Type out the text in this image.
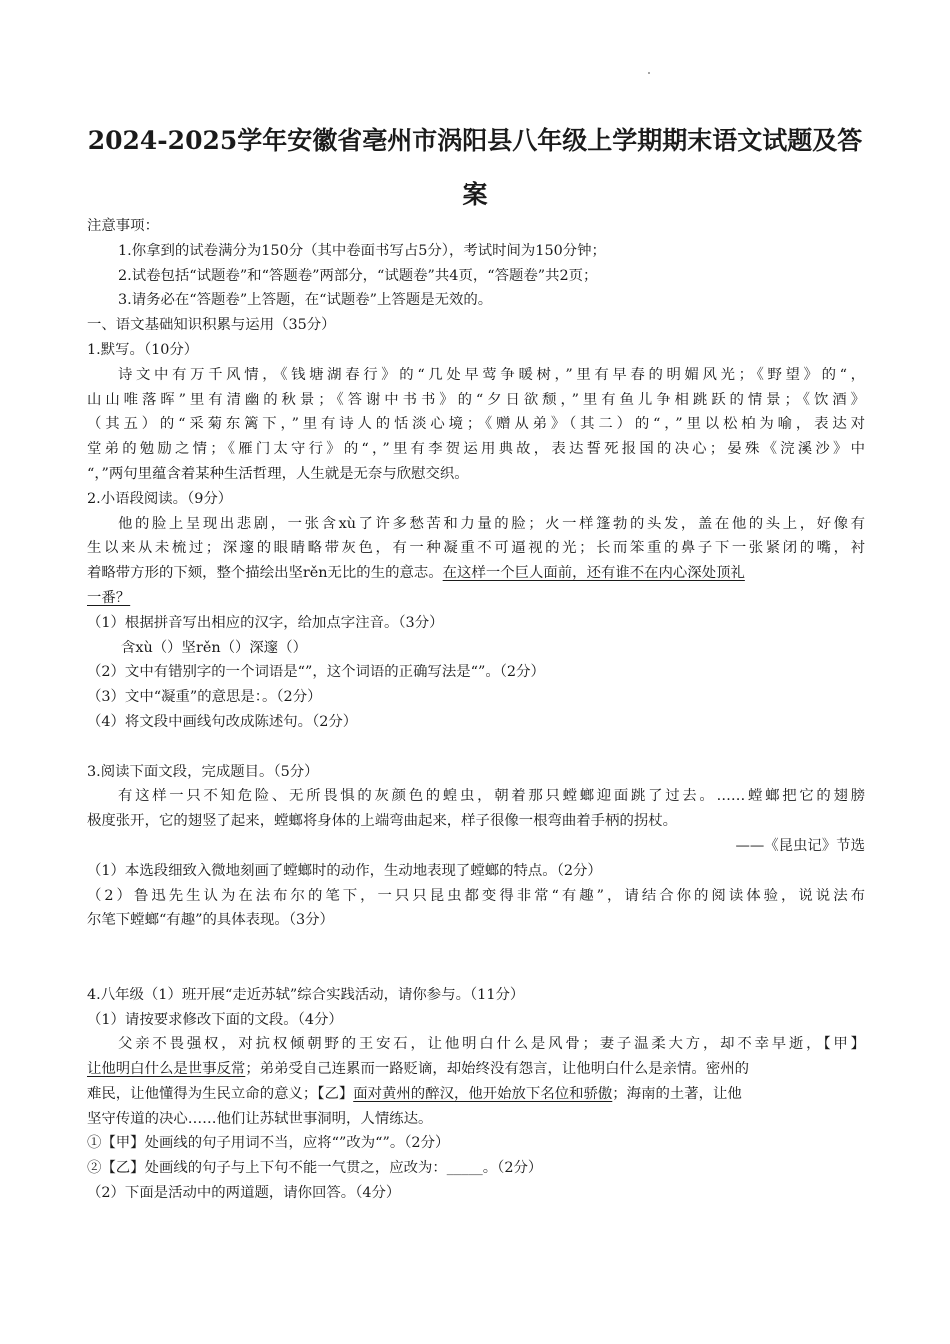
2024-2025学年安徽省亳州市涡阳县八年级上学期期末语文试题及答
案
注意事项：
1.你拿到的试卷满分为150分（其中卷面书写占5分），考试时间为150分钟；
2.试卷包括“试题卷”和“答题卷”两部分，“试题卷”共4页，“答题卷”共2页；
3.请务必在“答题卷”上答题，在“试题卷”上答题是无效的。
一、语文基础知识积累与运用（35分）
1.默写。（10分）
诗文中有万千风情，《钱塘湖春行》的“几处早莺争暖树，”里有早春的明媚风光；《野望》的“，
山山唯落晖”里有清幽的秋景；《答谢中书书》的“夕日欲颓，”里有鱼儿争相跳跃的情景；《饮酒》
（其五）的“采菊东篱下，”里有诗人的恬淡心境；《赠从弟》（其二）的“，”里以松柏为喻，表达对
堂弟的勉励之情；《雁门太守行》的“，”里有李贺运用典故，表达誓死报国的决心；晏殊《浣溪沙》中
“，”两句里蕴含着某种生活哲理，人生就是无奈与欣慰交织。
2.小语段阅读。（9分）
他的脸上呈现出悲剧，一张含xù了许多愁苦和力量的脸；火一样篷勃的头发，盖在他的头上，好像有
生以来从未梳过；深邃的眼睛略带灰色，有一种凝重不可逼视的光；长而笨重的鼻子下一张紧闭的嘴，衬
着略带方形的下颏，整个描绘出坚rěn无比的生的意志。在这样一个巨人面前，还有谁不在内心深处顶礼
一番？
（1）根据拼音写出相应的汉字，给加点字注音。（3分）
含xù（）坚rěn（）深邃（）
（2）文中有错别字的一个词语是“”，这个词语的正确写法是“”。（2分）
（3）文中“凝重”的意思是：。（2分）
（4）将文段中画线句改成陈述句。（2分）
3.阅读下面文段，完成题目。（5分）
有这样一只不知危险、无所畏惧的灰颜色的蝗虫，朝着那只螳螂迎面跳了过去。……螳螂把它的翅膀
极度张开，它的翅竖了起来，螳螂将身体的上端弯曲起来，样子很像一根弯曲着手柄的拐杖。
——《昆虫记》节选
（1）本选段细致入微地刻画了螳螂时的动作，生动地表现了螳螂的特点。（2分）
（2）鲁迅先生认为在法布尔的笔下，一只只昆虫都变得非常“有趣”，请结合你的阅读体验，说说法布
尔笔下螳螂“有趣”的具体表现。（3分）
4.八年级（1）班开展“走近苏轼”综合实践活动，请你参与。（11分）
（1）请按要求修改下面的文段。（4分）
父亲不畏强权，对抗权倾朝野的王安石，让他明白什么是风骨；妻子温柔大方，却不幸早逝，【甲】
让他明白什么是世事反常；弟弟受自己连累而一路贬谪，却始终没有怨言，让他明白什么是亲情。密州的
难民，让他懂得为生民立命的意义；【乙】面对黄州的醉汉，他开始放下名位和骄傲；海南的土著，让他
坚守传道的决心……他们让苏轼世事洞明，人情练达。
①【甲】处画线的句子用词不当，应将“”改为“”。（2分）
②【乙】处画线的句子与上下句不能一气贯之，应改为：_____。（2分）
（2）下面是活动中的两道题，请你回答。（4分）
